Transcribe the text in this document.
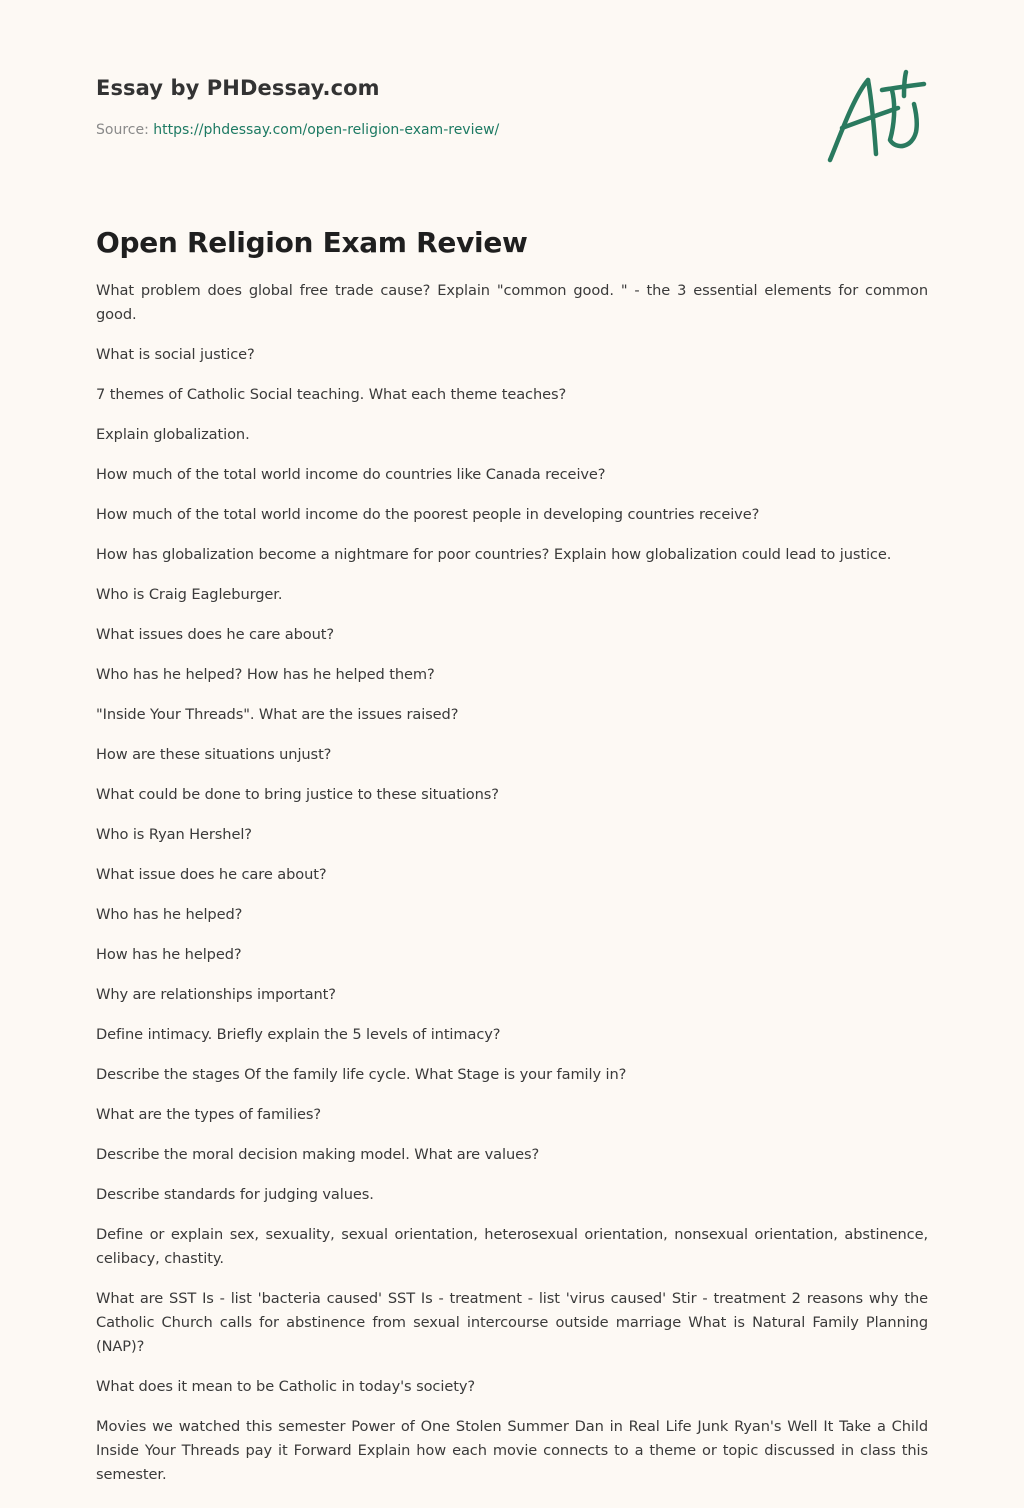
Essay by PHDessay.com
Source: https://phdessay.com/open-religion-exam-review/
Open Religion Exam Review

What problem does global free trade cause? Explain "common good. " - the 3 essential elements for common good.

What is social justice?

7 themes of Catholic Social teaching. What each theme teaches?

Explain globalization.

How much of the total world income do countries like Canada receive?

How much of the total world income do the poorest people in developing countries receive?

How has globalization become a nightmare for poor countries? Explain how globalization could lead to justice.

Who is Craig Eagleburger.

What issues does he care about?

Who has he helped? How has he helped them?

"Inside Your Threads". What are the issues raised?

How are these situations unjust?

What could be done to bring justice to these situations?

Who is Ryan Hershel?

What issue does he care about?

Who has he helped?

How has he helped?

Why are relationships important?

Define intimacy. Briefly explain the 5 levels of intimacy?

Describe the stages Of the family life cycle. What Stage is your family in?

What are the types of families?

Describe the moral decision making model. What are values?

Describe standards for judging values.

Define or explain sex, sexuality, sexual orientation, heterosexual orientation, nonsexual orientation, abstinence, celibacy, chastity.

What are SST Is - list 'bacteria caused' SST Is - treatment - list 'virus caused' Stir - treatment 2 reasons why the Catholic Church calls for abstinence from sexual intercourse outside marriage What is Natural Family Planning (NAP)?

What does it mean to be Catholic in today's society?

Movies we watched this semester Power of One Stolen Summer Dan in Real Life Junk Ryan's Well It Take a Child Inside Your Threads pay it Forward Explain how each movie connects to a theme or topic discussed in class this semester.
